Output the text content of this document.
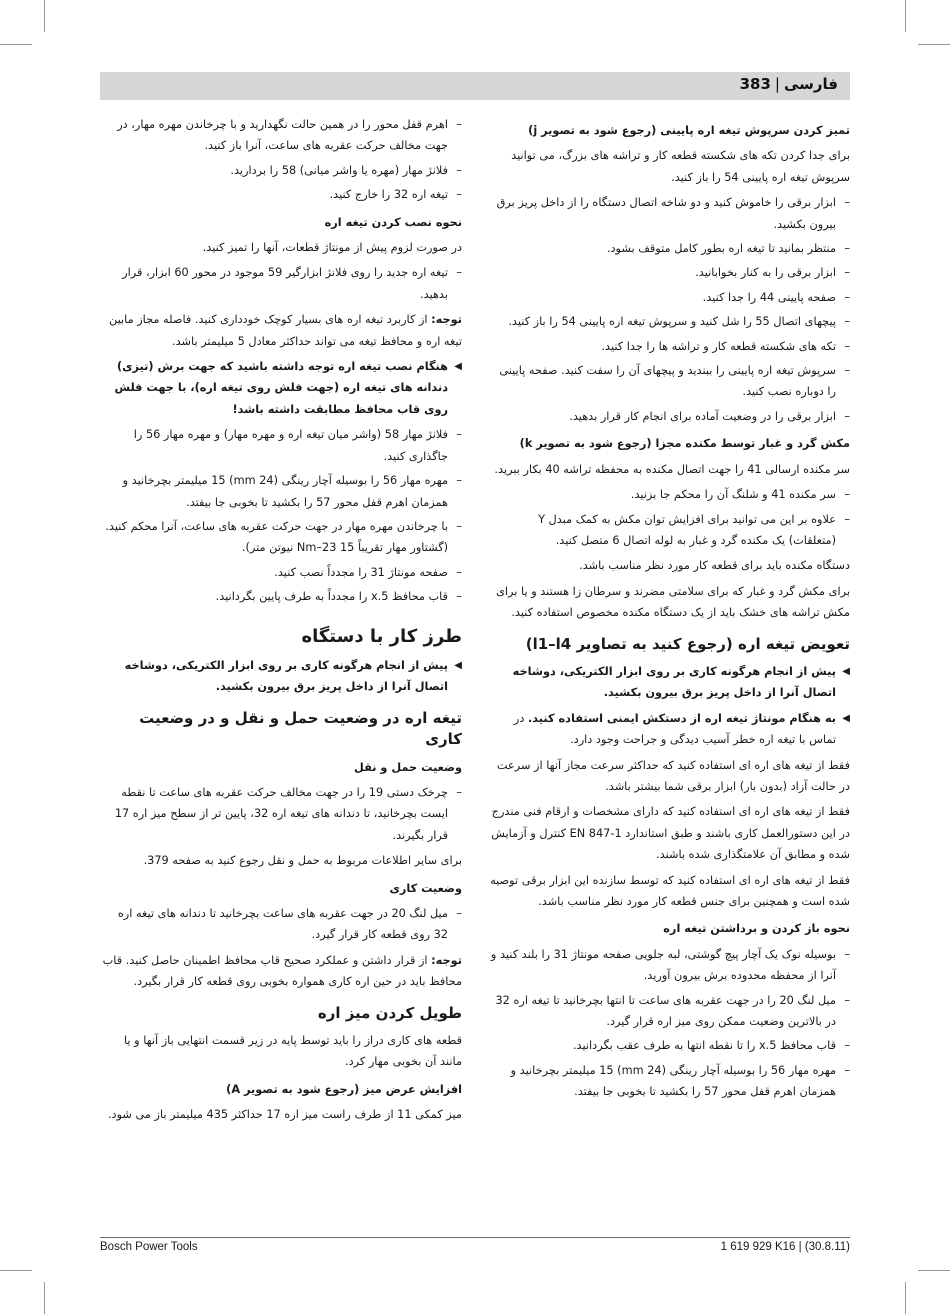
فارسی|383

تمیز کردن سرپوش تیغه اره پایینی (رجوع شود به تصویر j)

برای جدا کردن تکه های شکسته قطعه کار و تراشه های بزرگ، می توانید سرپوش تیغه اره پایینی 54 را باز کنید.

– ابزار برقی را خاموش کنید و دو شاخه اتصال دستگاه را از داخل پریز برق بیرون بکشید.
– منتظر بمانید تا تیغه اره بطور کامل متوقف بشود.
– ابزار برقی را به کنار بخوابانید.
– صفحه پایینی 44 را جدا کنید.
– پیچهای اتصال 55 را شل کنید و سرپوش تیغه اره پایینی 54 را باز کنید.
– تکه های شکسته قطعه کار و تراشه ها را جدا کنید.
– سرپوش تیغه اره پایینی را ببندید و پیچهای آن را سفت کنید. صفحه پایینی را دوباره نصب کنید.
– ابزار برقی را در وضعیت آماده برای انجام کار قرار بدهید.

مکش گرد و غبار توسط مکنده مجزا (رجوع شود به تصویر k)

سر مکنده ارسالی 41 را جهت اتصال مکنده به محفظه تراشه 40 بکار ببرید.

– سر مکنده 41 و شلنگ آن را محکم جا بزنید.
– علاوه بر این می توانید برای افزایش توان مکش به کمک مبدل Y (متعلقات) یک مکنده گرد و غبار به لوله اتصال 6 متصل کنید.

دستگاه مکنده باید برای قطعه کار مورد نظر مناسب باشد.

برای مکش گرد و غبار که برای سلامتی مضرند و سرطان زا هستند و یا برای مکش تراشه های خشک باید از یک دستگاه مکنده مخصوص استفاده کنید.

تعویض تیغه اره (رجوع کنید به تصاویر l1–l4)

◀ پیش از انجام هرگونه کاری بر روی ابزار الکتریکی، دوشاخه اتصال آنرا از داخل پریز برق بیرون بکشید.

◀ به هنگام مونتاژ تیغه اره از دستکش ایمنی استفاده کنید. در تماس با تیغه اره خطر آسیب دیدگی و جراحت وجود دارد.

فقط از تیغه های اره ای استفاده کنید که حداکثر سرعت مجاز آنها از سرعت در حالت آزاد (بدون بار) ابزار برقی شما بیشتر باشد.

فقط از تیغه های اره ای استفاده کنید که دارای مشخصات و ارقام فنی مندرج در این دستورالعمل کاری باشند و طبق استاندارد EN 847-1 کنترل و آزمایش شده و مطابق آن علامتگذاری شده باشند.

فقط از تیغه های اره ای استفاده کنید که توسط سازنده این ابزار برقی توصیه شده است و همچنین برای جنس قطعه کار مورد نظر مناسب باشد.

نحوه باز کردن و برداشتن تیغه اره

– بوسیله نوک یک آچار پیچ گوشتی، لبه جلویی صفحه مونتاژ 31 را بلند کنید و آنرا از محفظه محدوده برش بیرون آورید.
– میل لنگ 20 را در جهت عقربه های ساعت تا انتها بچرخانید تا تیغه اره 32 در بالاترین وضعیت ممکن روی میز اره قرار گیرد.
– قاب محافظ 5.x را تا نقطه انتها به طرف عقب بگردانید.
– مهره مهار 56 را بوسیله آچار رینگی (24 mm) 15 میلیمتر بچرخانید و همزمان اهرم قفل محور 57 را بکشید تا بخوبی جا بیفتد.
– اهرم قفل محور را در همین حالت نگهدارید و با چرخاندن مهره مهار، در جهت مخالف حرکت عقربه های ساعت، آنرا باز کنید.
– فلانژ مهار (مهره یا واشر میانی) 58 را بردارید.
– تیغه اره 32 را خارج کنید.

نحوه نصب کردن تیغه اره

در صورت لزوم پیش از مونتاژ قطعات، آنها را تمیز کنید.

– تیغه اره جدید را روی فلانژ ابزارگیر 59 موجود در محور 60 ابزار، قرار بدهید.

توجه: از کاربرد تیغه اره های بسیار کوچک خودداری کنید. فاصله مجاز مابین تیغه اره و محافظ تیغه می تواند حداکثر معادل 5 میلیمتر باشد.

◀ هنگام نصب تیغه اره توجه داشته باشید که جهت برش (تیزی) دندانه های تیغه اره (جهت فلش روی تیغه اره)، با جهت فلش روی قاب محافظ مطابقت داشته باشد!

– فلانژ مهار 58 (واشر میان تیغه اره و مهره مهار) و مهره مهار 56 را جاگذاری کنید.
– مهره مهار 56 را بوسیله آچار رینگی (24 mm) 15 میلیمتر بچرخانید و همزمان اهرم قفل محور 57 را بکشید تا بخوبی جا بیفتد.
– با چرخاندن مهره مهار در جهت حرکت عقربه های ساعت، آنرا محکم کنید. (گشتاور مهار تقریباً 15 Nm–23 نیوتن متر).
– صفحه مونتاژ 31 را مجدداً نصب کنید.
– قاب محافظ 5.x را مجدداً به طرف پایین بگردانید.

طرز کار با دستگاه

◀ پیش از انجام هرگونه کاری بر روی ابزار الکتریکی، دوشاخه اتصال آنرا از داخل پریز برق بیرون بکشید.

تیغه اره در وضعیت حمل و نقل و در وضعیت کاری

وضعیت حمل و نقل

– چرخک دستی 19 را در جهت مخالف حرکت عقربه های ساعت تا نقطه ایست بچرخانید، تا دندانه های تیغه اره 32، پایین تر از سطح میز اره 17 قرار بگیرند.

برای سایر اطلاعات مربوط به حمل و نقل رجوع کنید به صفحه 379.

وضعیت کاری

– میل لنگ 20 در جهت عقربه های ساعت بچرخانید تا دندانه های تیغه اره 32 روی قطعه کار قرار گیرد.

توجه: از قرار داشتن و عملکرد صحیح قاب محافظ اطمینان حاصل کنید. قاب محافظ باید در حین اره کاری همواره بخوبی روی قطعه کار قرار بگیرد.

طویل کردن میز اره

قطعه های کاری دراز را باید توسط پایه در زیر قسمت انتهایی باز آنها و یا مانند آن بخوبی مهار کرد.

افزایش عرض میز (رجوع شود به تصویر A)

میز کمکی 11 از طرف راست میز اره 17 حداکثر 435 میلیمتر باز می شود.

Bosch Power Tools	1 619 929 K16 | (30.8.11)
